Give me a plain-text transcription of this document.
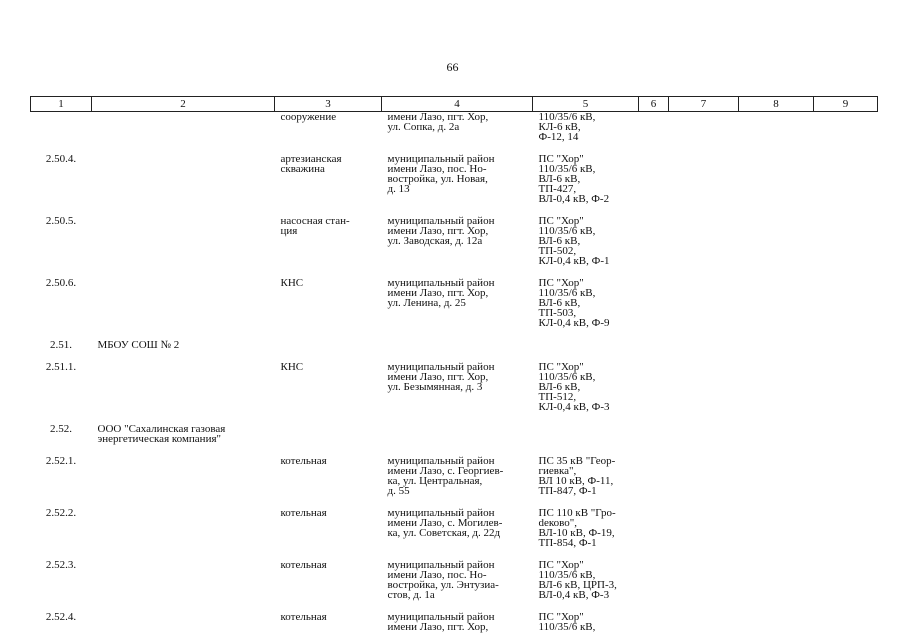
66
1	2	3	4	5	6	7	8	9
		сооружение	имени Лазо, пгт. Хор,
ул. Сопка, д. 2а	110/35/6 кВ,
КЛ-6 кВ,
Ф-12, 14				
2.50.4.		артезианская
скважина	муниципальный район
имени Лазо, пос. Но-
востройка, ул. Новая,
д. 13	ПС "Хор"
110/35/6 кВ,
ВЛ-6 кВ,
ТП-427,
ВЛ-0,4 кВ, Ф-2				
2.50.5.		насосная стан-
ция	муниципальный район
имени Лазо, пгт. Хор,
ул. Заводская, д. 12а	ПС "Хор"
110/35/6 кВ,
ВЛ-6 кВ,
ТП-502,
КЛ-0,4 кВ, Ф-1				
2.50.6.		КНС	муниципальный район
имени Лазо, пгт. Хор,
ул. Ленина, д. 25	ПС "Хор"
110/35/6 кВ,
ВЛ-6 кВ,
ТП-503,
КЛ-0,4 кВ, Ф-9				
2.51.	МБОУ СОШ № 2							
2.51.1.		КНС	муниципальный район
имени Лазо, пгт. Хор,
ул. Безымянная, д. 3	ПС "Хор"
110/35/6 кВ,
ВЛ-6 кВ,
ТП-512,
КЛ-0,4 кВ, Ф-3				
2.52.	ООО "Сахалинская газовая
энергетическая компания"							
2.52.1.		котельная	муниципальный район
имени Лазо, с. Георгиев-
ка, ул. Центральная,
д. 55	ПС 35 кВ "Геор-
гиевка",
ВЛ 10 кВ, Ф-11,
ТП-847, Ф-1				
2.52.2.		котельная	муниципальный район
имени Лазо, с. Могилев-
ка, ул. Советская, д. 22д	ПС 110 кВ "Гро-
dеково",
ВЛ-10 кВ, Ф-19,
ТП-854, Ф-1				
2.52.3.		котельная	муниципальный район
имени Лазо, пос. Но-
востройка, ул. Энтузиа-
стов, д. 1а	ПС "Хор"
110/35/6 кВ,
ВЛ-6 кВ, ЦРП-3,
ВЛ-0,4 кВ, Ф-3				
2.52.4.		котельная	муниципальный район
имени Лазо, пгт. Хор,	ПС "Хор"
110/35/6 кВ,				
